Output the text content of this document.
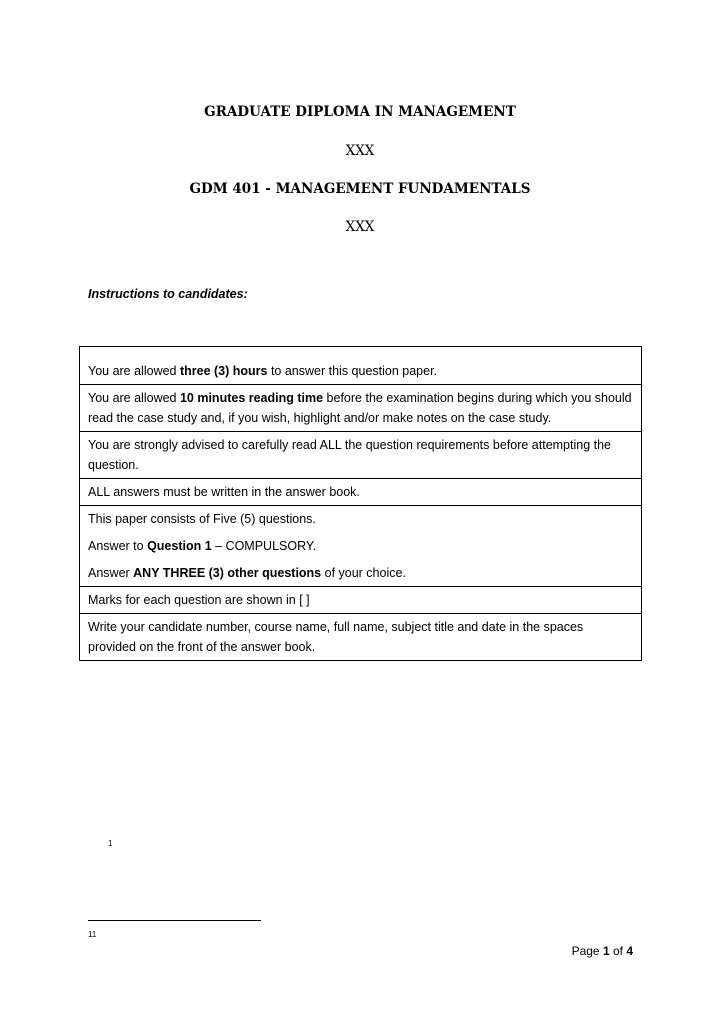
GRADUATE DIPLOMA IN MANAGEMENT
XXX
GDM 401 - MANAGEMENT FUNDAMENTALS
XXX
Instructions to candidates:
You are allowed three (3) hours to answer this question paper.
You are allowed 10 minutes reading time before the examination begins during which you should read the case study and, if you wish, highlight and/or make notes on the case study.
You are strongly advised to carefully read ALL the question requirements before attempting the question.
ALL answers must be written in the answer book.

This paper consists of Five (5) questions.
Answer to Question 1 – COMPULSORY.
Answer ANY THREE (3) other questions of your choice.

Marks for each question are shown in [ ]
Write your candidate number, course name, full name, subject title and date in the spaces provided on the front of the answer book.
1
11
Page 1 of 4
